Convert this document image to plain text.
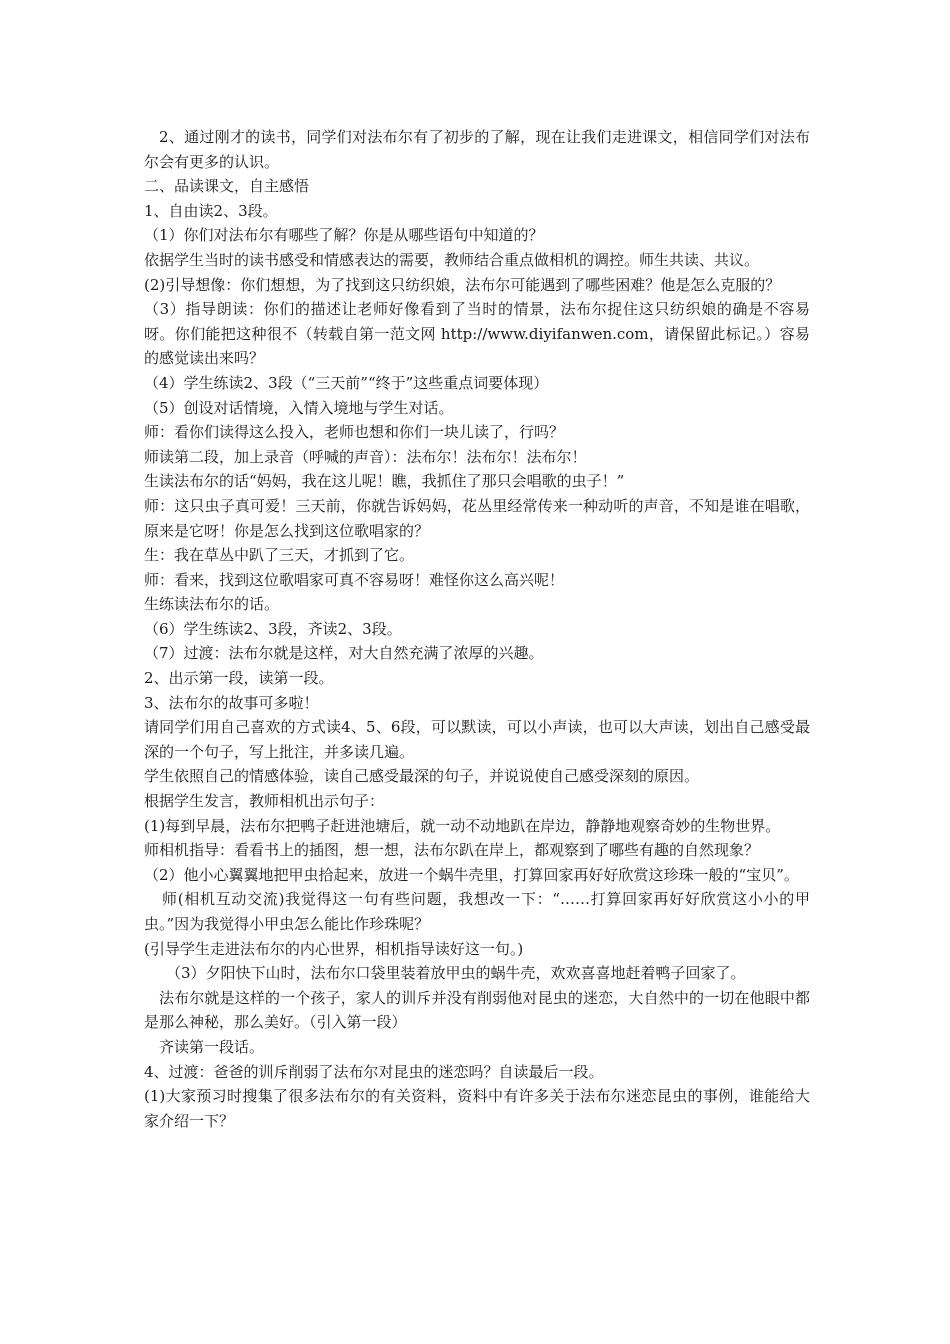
2、通过刚才的读书，同学们对法布尔有了初步的了解，现在让我们走进课文，相信同学们对法布尔会有更多的认识。

二、品读课文，自主感悟

1、自由读2、3段。

（1）你们对法布尔有哪些了解？你是从哪些语句中知道的？

依据学生当时的读书感受和情感表达的需要，教师结合重点做相机的调控。师生共读、共议。

(2)引导想像：你们想想，为了找到这只纺织娘，法布尔可能遇到了哪些困难？他是怎么克服的？

（3）指导朗读：你们的描述让老师好像看到了当时的情景，法布尔捉住这只纺织娘的确是不容易呀。你们能把这种很不（转载自第一范文网 http://www.diyifanwen.com，请保留此标记。）容易的感觉读出来吗？

（4）学生练读2、3段（“三天前”“终于”这些重点词要体现）

（5）创设对话情境，入情入境地与学生对话。

师：看你们读得这么投入，老师也想和你们一块儿读了，行吗？

师读第二段，加上录音（呼喊的声音）：法布尔！法布尔！法布尔！

生读法布尔的话“妈妈，我在这儿呢！瞧，我抓住了那只会唱歌的虫子！”

师：这只虫子真可爱！三天前，你就告诉妈妈，花丛里经常传来一种动听的声音，不知是谁在唱歌，原来是它呀！你是怎么找到这位歌唱家的？

生：我在草丛中趴了三天，才抓到了它。

师：看来，找到这位歌唱家可真不容易呀！难怪你这么高兴呢！

生练读法布尔的话。

（6）学生练读2、3段，齐读2、3段。

（7）过渡：法布尔就是这样，对大自然充满了浓厚的兴趣。

2、出示第一段，读第一段。

3、法布尔的故事可多啦！

请同学们用自己喜欢的方式读4、5、6段，可以默读，可以小声读，也可以大声读，划出自己感受最深的一个句子，写上批注，并多读几遍。

学生依照自己的情感体验，读自己感受最深的句子，并说说使自己感受深刻的原因。

根据学生发言，教师相机出示句子：

(1)每到早晨，法布尔把鸭子赶进池塘后，就一动不动地趴在岸边，静静地观察奇妙的生物世界。

师相机指导：看看书上的插图，想一想，法布尔趴在岸上，都观察到了哪些有趣的自然现象？

（2）他小心翼翼地把甲虫拾起来，放进一个蜗牛壳里，打算回家再好好欣赏这珍珠一般的“宝贝”。

师(相机互动交流)我觉得这一句有些问题，我想改一下：“……打算回家再好好欣赏这小小的甲虫。”因为我觉得小甲虫怎么能比作珍珠呢？

(引导学生走进法布尔的内心世界，相机指导读好这一句。)

（3）夕阳快下山时，法布尔口袋里装着放甲虫的蜗牛壳，欢欢喜喜地赶着鸭子回家了。

法布尔就是这样的一个孩子，家人的训斥并没有削弱他对昆虫的迷恋，大自然中的一切在他眼中都是那么神秘，那么美好。（引入第一段）

齐读第一段话。

4、过渡：爸爸的训斥削弱了法布尔对昆虫的迷恋吗？自读最后一段。

(1)大家预习时搜集了很多法布尔的有关资料，资料中有许多关于法布尔迷恋昆虫的事例，谁能给大家介绍一下？
